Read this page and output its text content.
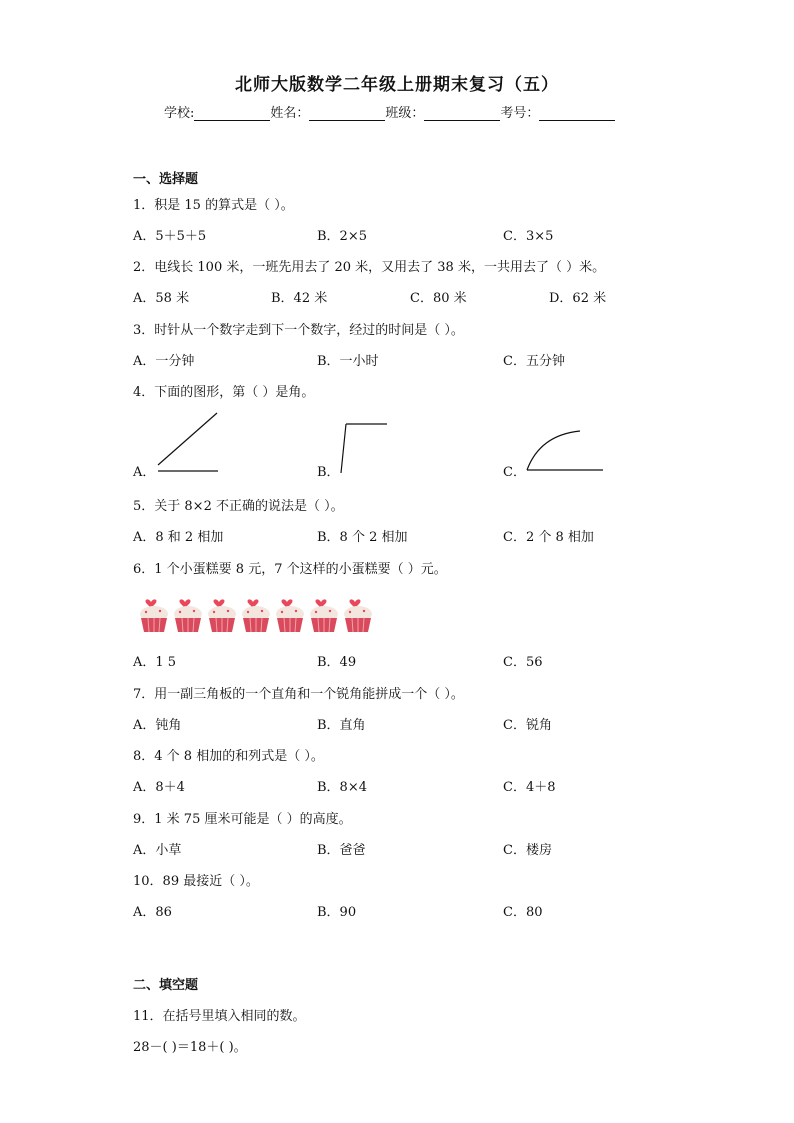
北师大版数学二年级上册期末复习（五）
学校:	姓名：	班级：	考号：
一、选择题
1．积是 15 的算式是（ ）。
A．5＋5＋5	B．2×5	C．3×5
2．电线长 100 米，一班先用去了 20 米，又用去了 38 米，一共用去了（ ）米。
A．58 米	B．42 米	C．80 米	D．62 米
3．时针从一个数字走到下一个数字，经过的时间是（ ）。
A．一分钟	B．一小时	C．五分钟
4．下面的图形，第（ ）是角。
A．	B．	C．
5．关于 8×2 不正确的说法是（ ）。
A．8 和 2 相加	B．8 个 2 相加	C．2 个 8 相加
6．1 个小蛋糕要 8 元，7 个这样的小蛋糕要（ ）元。
A．1 5	B．49	C．56
7．用一副三角板的一个直角和一个锐角能拼成一个（ ）。
A．钝角	B．直角	C．锐角
8．4 个 8 相加的和列式是（ ）。
A．8＋4	B．8×4	C．4＋8
9．1 米 75 厘米可能是（ ）的高度。
A．小草	B．爸爸	C．楼房
10．89 最接近（ ）。
A．86	B．90	C．80
二、填空题
11．在括号里填入相同的数。
28－( )＝18＋( )。
